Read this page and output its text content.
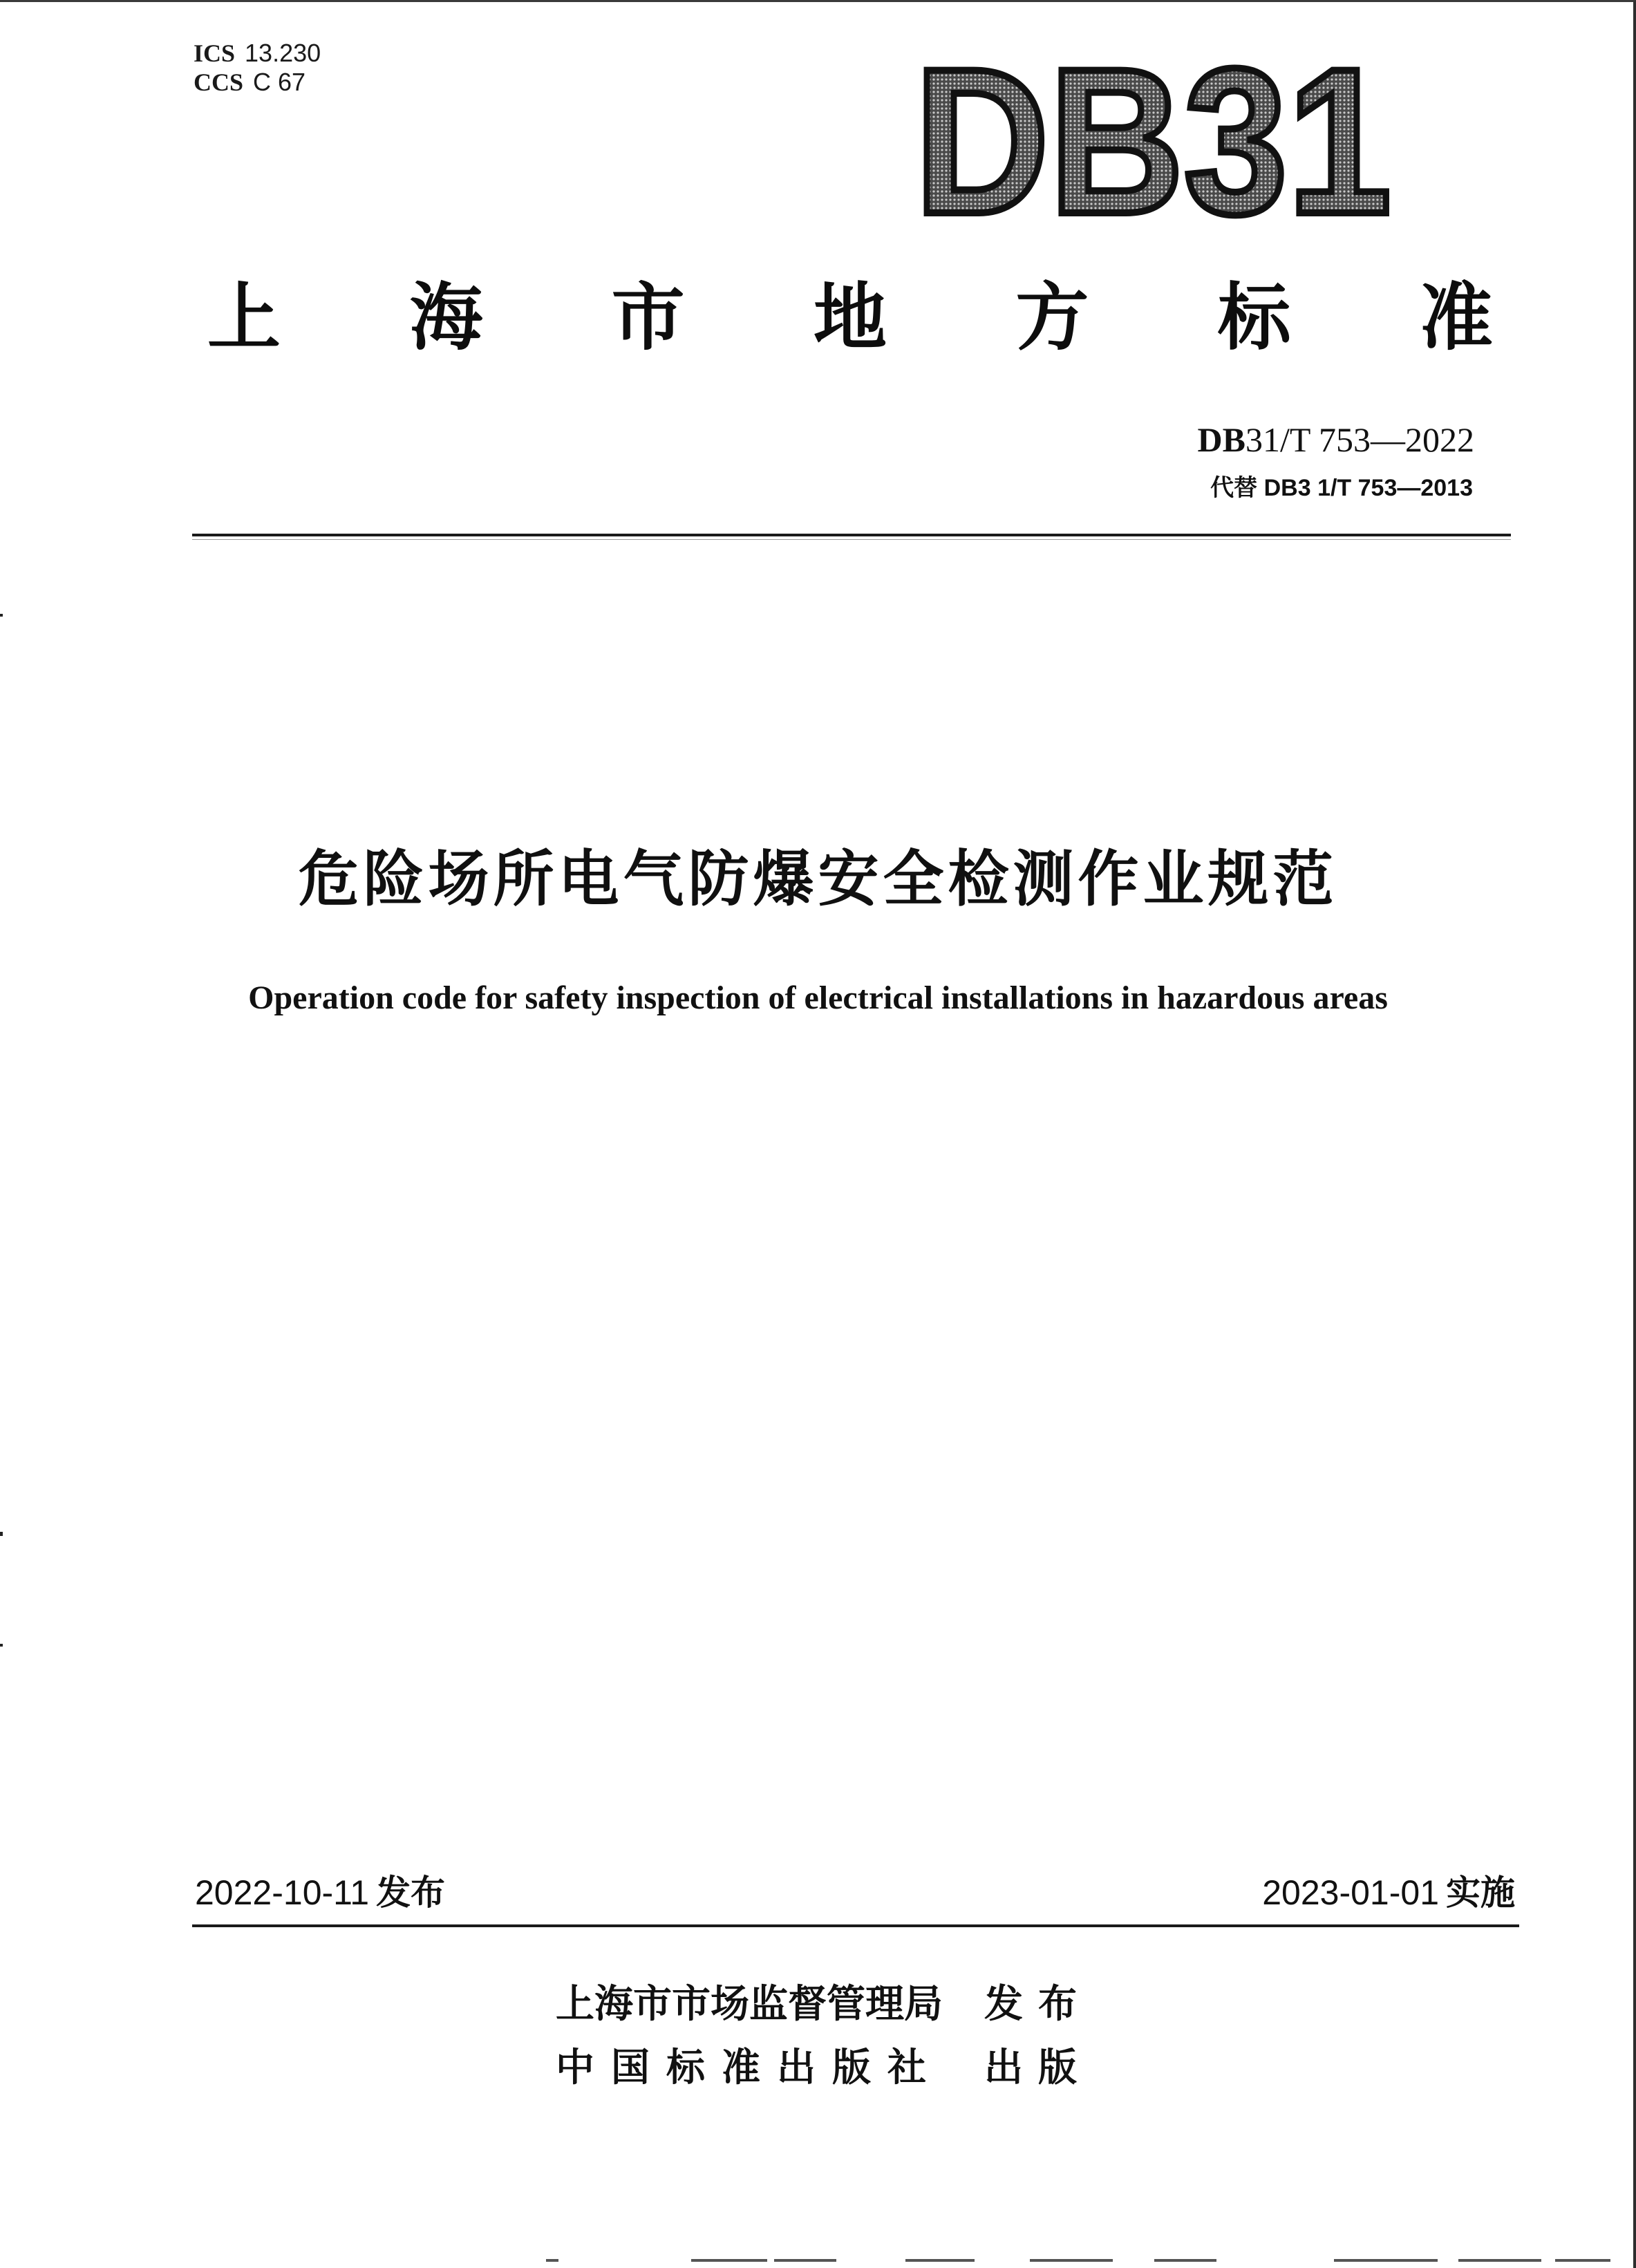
ICS 13.230
CCS C 67	DB31
上 海 市 地 方 标 准
DB31/T 753—2022
代替 DB3 1/T 753—2013
危险场所电气防爆安全检测作业规范
Operation code for safety inspection of electrical installations in hazardous areas
2022-10-11 发布	2023-01-01 实施
上海市市场监督管理局	发布
中国标准出版社	出版
